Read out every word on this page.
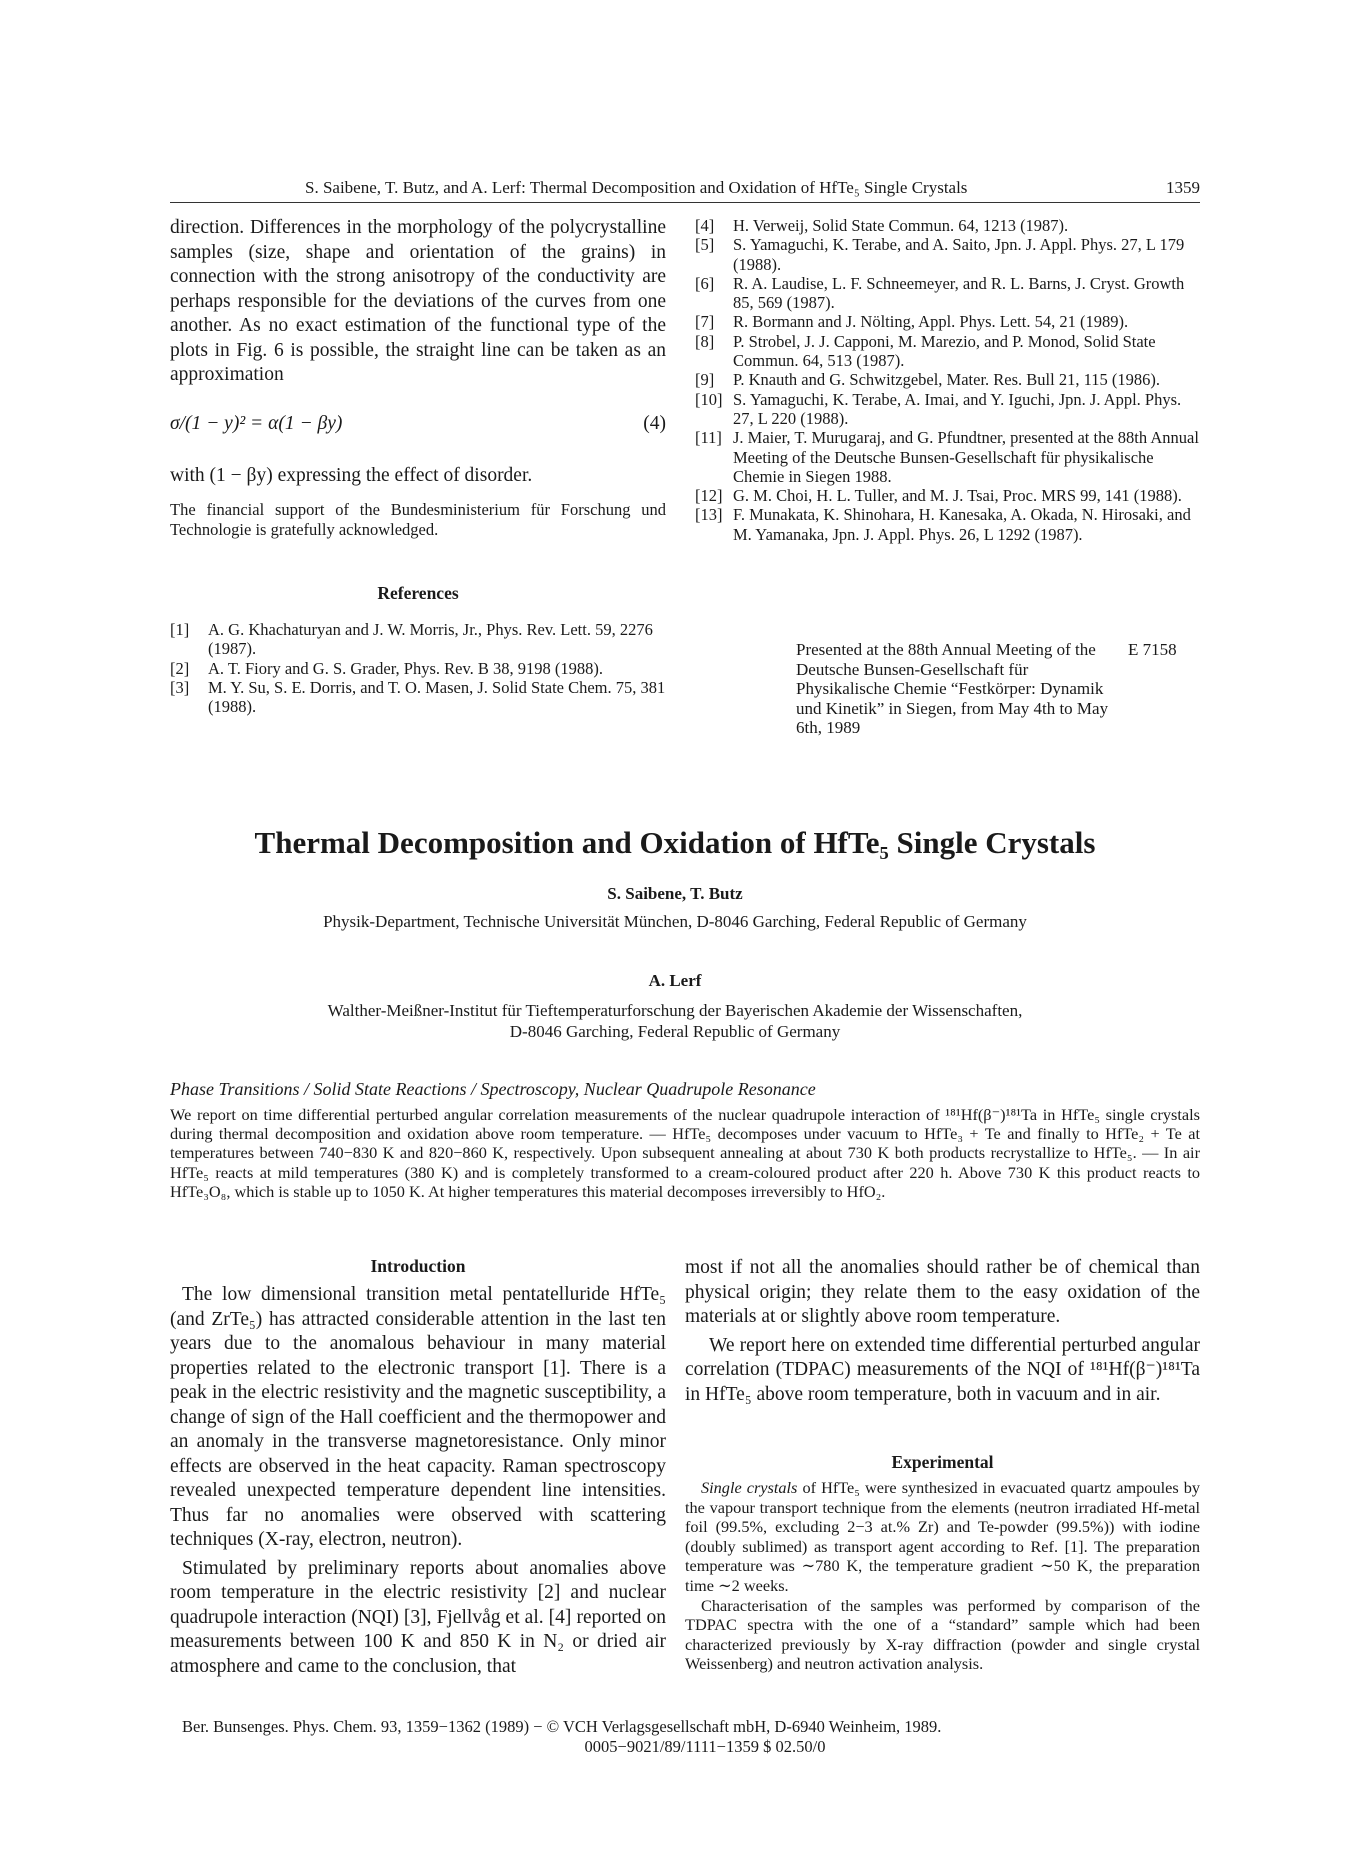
S. Saibene, T. Butz, and A. Lerf: Thermal Decomposition and Oxidation of HfTe₅ Single Crystals	1359

direction. Differences in the morphology of the polycrystalline samples (size, shape and orientation of the grains) in connection with the strong anisotropy of the conductivity are perhaps responsible for the deviations of the curves from one another. As no exact estimation of the functional type of the plots in Fig. 6 is possible, the straight line can be taken as an approximation

σ/(1 − y)² = α(1 − βy)	(4)

with (1 − βy) expressing the effect of disorder.

The financial support of the Bundesministerium für Forschung und Technologie is gratefully acknowledged.

References

[1] A. G. Khachaturyan and J. W. Morris, Jr., Phys. Rev. Lett. 59, 2276 (1987).

[2] A. T. Fiory and G. S. Grader, Phys. Rev. B 38, 9198 (1988).

[3] M. Y. Su, S. E. Dorris, and T. O. Masen, J. Solid State Chem. 75, 381 (1988).

[4] H. Verweij, Solid State Commun. 64, 1213 (1987).

[5] S. Yamaguchi, K. Terabe, and A. Saito, Jpn. J. Appl. Phys. 27, L 179 (1988).

[6] R. A. Laudise, L. F. Schneemeyer, and R. L. Barns, J. Cryst. Growth 85, 569 (1987).

[7] R. Bormann and J. Nölting, Appl. Phys. Lett. 54, 21 (1989).

[8] P. Strobel, J. J. Capponi, M. Marezio, and P. Monod, Solid State Commun. 64, 513 (1987).

[9] P. Knauth and G. Schwitzgebel, Mater. Res. Bull 21, 115 (1986).

[10] S. Yamaguchi, K. Terabe, A. Imai, and Y. Iguchi, Jpn. J. Appl. Phys. 27, L 220 (1988).

[11] J. Maier, T. Murugaraj, and G. Pfundtner, presented at the 88th Annual Meeting of the Deutsche Bunsen-Gesellschaft für physikalische Chemie in Siegen 1988.

[12] G. M. Choi, H. L. Tuller, and M. J. Tsai, Proc. MRS 99, 141 (1988).

[13] F. Munakata, K. Shinohara, H. Kanesaka, A. Okada, N. Hirosaki, and M. Yamanaka, Jpn. J. Appl. Phys. 26, L 1292 (1987).

Presented at the 88th Annual Meeting of the Deutsche Bunsen-Gesellschaft für Physikalische Chemie “Festkörper: Dynamik und Kinetik” in Siegen, from May 4th to May 6th, 1989
E 7158
Thermal Decomposition and Oxidation of HfTe₅ Single Crystals
S. Saibene, T. Butz
Physik-Department, Technische Universität München, D-8046 Garching, Federal Republic of Germany
A. Lerf
Walther-Meißner-Institut für Tieftemperaturforschung der Bayerischen Akademie der Wissenschaften,
D-8046 Garching, Federal Republic of Germany
Phase Transitions / Solid State Reactions / Spectroscopy, Nuclear Quadrupole Resonance
We report on time differential perturbed angular correlation measurements of the nuclear quadrupole interaction of ¹⁸¹Hf(β⁻)¹⁸¹Ta in HfTe₅ single crystals during thermal decomposition and oxidation above room temperature. — HfTe₅ decomposes under vacuum to HfTe₃ + Te and finally to HfTe₂ + Te at temperatures between 740−830 K and 820−860 K, respectively. Upon subsequent annealing at about 730 K both products recrystallize to HfTe₅. — In air HfTe₅ reacts at mild temperatures (380 K) and is completely transformed to a cream-coloured product after 220 h. Above 730 K this product reacts to HfTe₃O₈, which is stable up to 1050 K. At higher temperatures this material decomposes irreversibly to HfO₂.
Introduction

The low dimensional transition metal pentatelluride HfTe₅ (and ZrTe₅) has attracted considerable attention in the last ten years due to the anomalous behaviour in many material properties related to the electronic transport [1]. There is a peak in the electric resistivity and the magnetic susceptibility, a change of sign of the Hall coefficient and the thermopower and an anomaly in the transverse magnetoresistance. Only minor effects are observed in the heat capacity. Raman spectroscopy revealed unexpected temperature dependent line intensities. Thus far no anomalies were observed with scattering techniques (X-ray, electron, neutron).

Stimulated by preliminary reports about anomalies above room temperature in the electric resistivity [2] and nuclear quadrupole interaction (NQI) [3], Fjellvåg et al. [4] reported on measurements between 100 K and 850 K in N₂ or dried air atmosphere and came to the conclusion, that

most if not all the anomalies should rather be of chemical than physical origin; they relate them to the easy oxidation of the materials at or slightly above room temperature.

We report here on extended time differential perturbed angular correlation (TDPAC) measurements of the NQI of ¹⁸¹Hf(β⁻)¹⁸¹Ta in HfTe₅ above room temperature, both in vacuum and in air.

Experimental

Single crystals of HfTe₅ were synthesized in evacuated quartz ampoules by the vapour transport technique from the elements (neutron irradiated Hf-metal foil (99.5%, excluding 2−3 at.% Zr) and Te-powder (99.5%)) with iodine (doubly sublimed) as transport agent according to Ref. [1]. The preparation temperature was ∼780 K, the temperature gradient ∼50 K, the preparation time ∼2 weeks.

Characterisation of the samples was performed by comparison of the TDPAC spectra with the one of a “standard” sample which had been characterized previously by X-ray diffraction (powder and single crystal Weissenberg) and neutron activation analysis.

Ber. Bunsenges. Phys. Chem. 93, 1359−1362 (1989) − © VCH Verlagsgesellschaft mbH, D-6940 Weinheim, 1989.
0005−9021/89/1111−1359 $ 02.50/0
